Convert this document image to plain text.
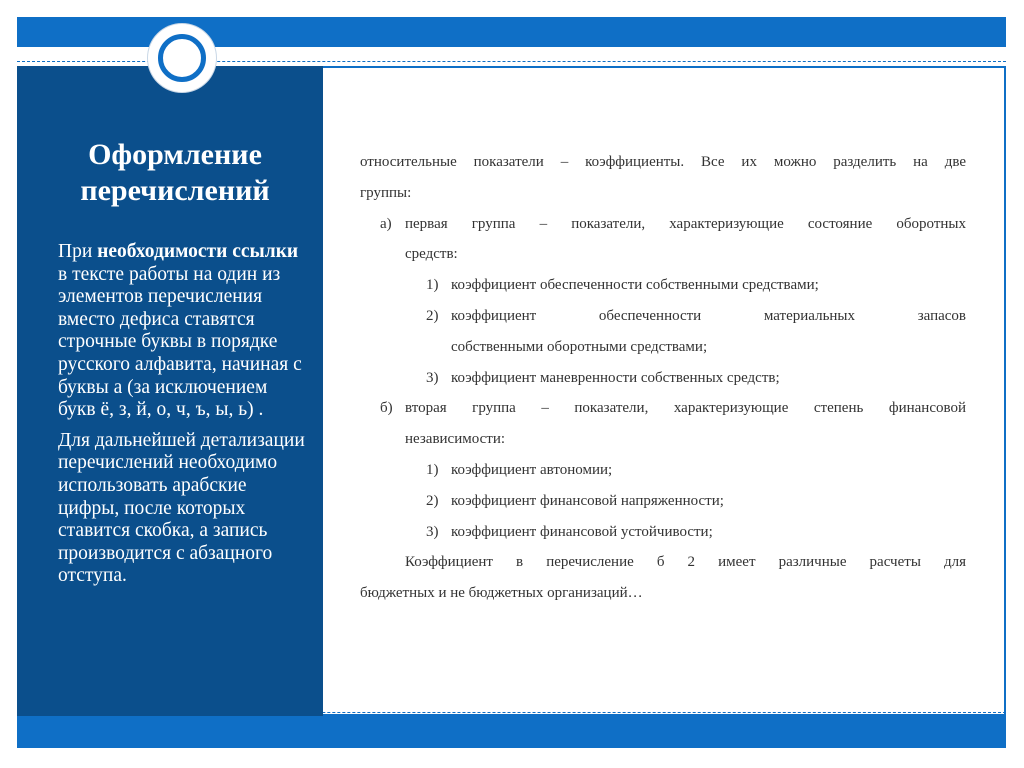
Оформление перечислений

При необходимости ссылки в тексте работы на один из элементов перечисления вместо дефиса ставятся строчные буквы в порядке русского алфавита, начиная с буквы а (за исключением букв ё, з, й, о, ч, ъ, ы, ь) .

Для дальнейшей детализации перечислений необходимо использовать арабские цифры, после которых ставится скобка, а запись производится с абзацного отступа.

относительные показатели – коэффициенты. Все их можно разделить на две
группы:
а) первая группа – показатели, характеризующие состояние оборотных
средств:
1) коэффициент обеспеченности собственными средствами;
2) коэффициент обеспеченности материальных запасов
собственными оборотными средствами;
3) коэффициент маневренности собственных средств;
б) вторая группа – показатели, характеризующие степень финансовой
независимости:
1) коэффициент автономии;
2) коэффициент финансовой напряженности;
3) коэффициент финансовой устойчивости;
Коэффициент в перечисление б 2 имеет различные расчеты для
бюджетных и не бюджетных организаций…
